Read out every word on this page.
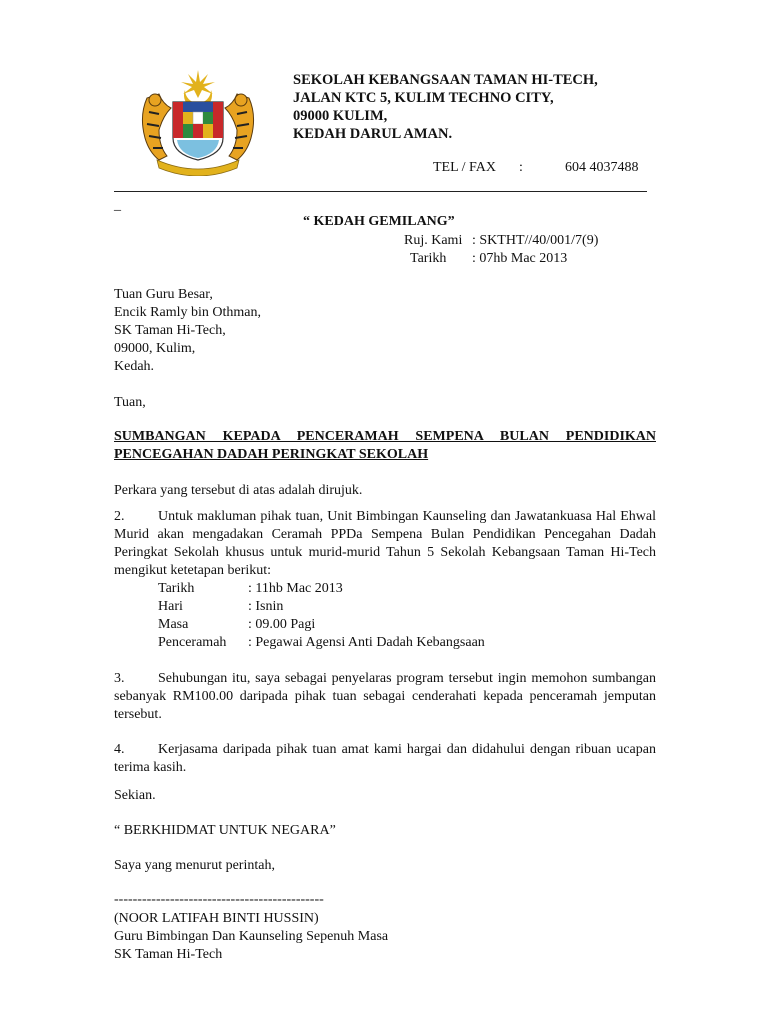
SEKOLAH KEBANGSAAN TAMAN HI-TECH,
JALAN KTC 5, KULIM TECHNO CITY,
09000 KULIM,
KEDAH DARUL AMAN.
TEL / FAX :	604 4037488
_
“ KEDAH GEMILANG”
Ruj. Kami : SKTHT//40/001/7(9)
Tarikh : 07hb Mac 2013
Tuan Guru Besar,
Encik Ramly bin Othman,
SK Taman Hi-Tech,
09000, Kulim,
Kedah.
Tuan,
SUMBANGAN KEPADA PENCERAMAH SEMPENA BULAN PENDIDIKAN
PENCEGAHAN DADAH PERINGKAT SEKOLAH
Perkara yang tersebut di atas adalah dirujuk.
2.	Untuk makluman pihak tuan, Unit Bimbingan Kaunseling dan Jawatankuasa Hal Ehwal Murid akan mengadakan Ceramah PPDa Sempena Bulan Pendidikan Pencegahan Dadah Peringkat Sekolah khusus untuk murid-murid Tahun 5 Sekolah Kebangsaan Taman Hi-Tech mengikut ketetapan berikut:
Tarikh	: 11hb Mac 2013
Hari	: Isnin
Masa	: 09.00 Pagi
Penceramah : Pegawai Agensi Anti Dadah Kebangsaan
3.	Sehubungan itu, saya sebagai penyelaras program tersebut ingin memohon sumbangan sebanyak RM100.00 daripada pihak tuan sebagai cenderahati kepada penceramah jemputan tersebut.
4.	Kerjasama daripada pihak tuan amat kami hargai dan didahului dengan ribuan ucapan terima kasih.
Sekian.
“ BERKHIDMAT UNTUK NEGARA”
Saya yang menurut perintah,
---------------------------------------------
(NOOR LATIFAH BINTI HUSSIN)
Guru Bimbingan Dan Kaunseling Sepenuh Masa
SK Taman Hi-Tech
